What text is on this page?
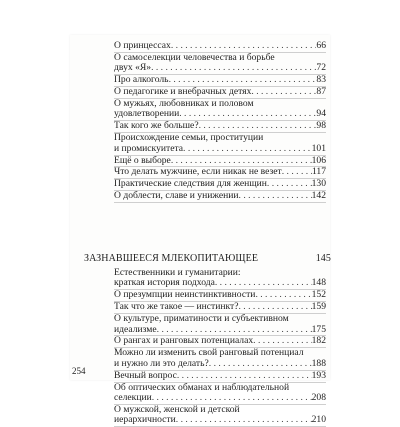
О принцессах . . .	66
О самоселекции человечества и борьбе
двух «Я» . . .	72
Про алкоголь . . .	83
О педагогике и внебрачных детях . . .	87
О мужьях, любовниках и половом
удовлетворении . . .	94
Так кого же больше? . . .	98
Происхождение семьи, проституции
и промискуитета . . .	101
Ещё о выборе . . .	106
Что делать мужчине, если никак не везет . . .	117
Практические следствия для женщин . . .	130
О доблести, славе и унижении . . .	142
ЗАЗНАВШЕЕСЯ МЛЕКОПИТАЮЩЕЕ	145
Естественники и гуманитарии:
краткая история подхода . . .	148
О презумпции неинстинктивности . . .	152
Так что же такое — инстинкт? . . .	159
О культуре, приматиности и субъективном
идеализме . . .	175
О рангах и ранговых потенциалах . . .	182
Можно ли изменить свой ранговый потенциал
и нужно ли это делать? . . .	188
Вечный вопрос . . .	193
Об оптических обманах и наблюдательной
селекции . . .	208
О мужской, женской и детской
иерархичности . . .	210
254
